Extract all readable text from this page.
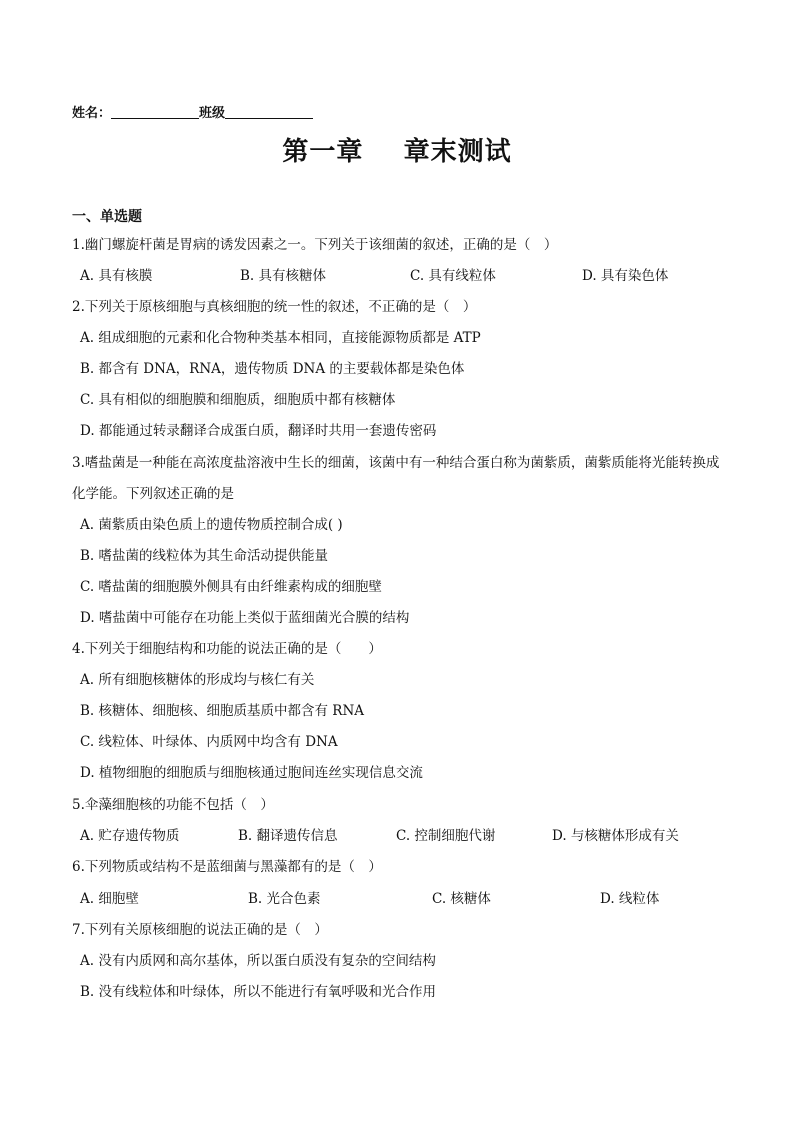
姓名：	班级
第一章    章末测试
一、单选题
1.幽门螺旋杆菌是胃病的诱发因素之一。下列关于该细菌的叙述，正确的是（　）
A. 具有核膜	B. 具有核糖体	C. 具有线粒体	D. 具有染色体
2.下列关于原核细胞与真核细胞的统一性的叙述，不正确的是（　）
A. 组成细胞的元素和化合物种类基本相同，直接能源物质都是 ATP
B. 都含有 DNA，RNA，遗传物质 DNA 的主要载体都是染色体
C. 具有相似的细胞膜和细胞质，细胞质中都有核糖体
D. 都能通过转录翻译合成蛋白质，翻译时共用一套遗传密码
3.嗜盐菌是一种能在高浓度盐溶液中生长的细菌，该菌中有一种结合蛋白称为菌紫质，菌紫质能将光能转换成化学能。下列叙述正确的是
A. 菌紫质由染色质上的遗传物质控制合成( )
B. 嗜盐菌的线粒体为其生命活动提供能量
C. 嗜盐菌的细胞膜外侧具有由纤维素构成的细胞壁
D. 嗜盐菌中可能存在功能上类似于蓝细菌光合膜的结构
4.下列关于细胞结构和功能的说法正确的是（　　）
A. 所有细胞核糖体的形成均与核仁有关
B. 核糖体、细胞核、细胞质基质中都含有 RNA
C. 线粒体、叶绿体、内质网中均含有 DNA
D. 植物细胞的细胞质与细胞核通过胞间连丝实现信息交流
5.伞藻细胞核的功能不包括（　）
A. 贮存遗传物质	B. 翻译遗传信息	C. 控制细胞代谢	D. 与核糖体形成有关
6.下列物质或结构不是蓝细菌与黑藻都有的是（　）
A. 细胞壁	B. 光合色素	C. 核糖体	D. 线粒体
7.下列有关原核细胞的说法正确的是（　）
A. 没有内质网和高尔基体，所以蛋白质没有复杂的空间结构
B. 没有线粒体和叶绿体，所以不能进行有氧呼吸和光合作用
